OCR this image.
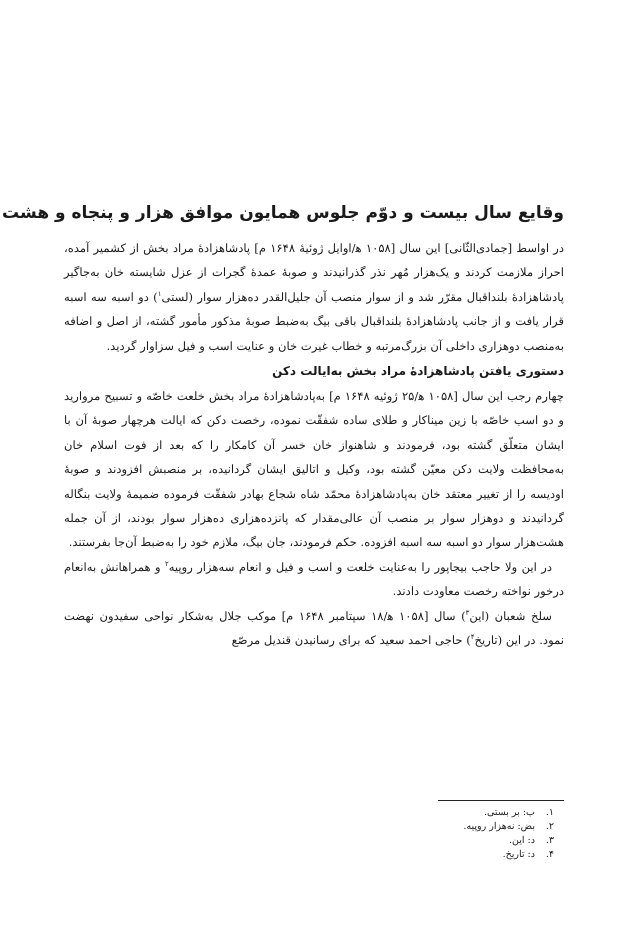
وقایع سال بیست و دوّم جلوس همایون موافق هزار و پنجاه و هشت

در اواسط [جمادی‌الثّانی] این سال [۱۰۵۸ ه‍/اوایل ژوئیۀ ۱۶۴۸ م] پادشاهزادۀ مراد بخش از کشمیر آمده، احراز ملازمت کردند و یک‌هزار مُهر نذر گذرانیدند و صوبۀ عمدۀ گجرات از عزل شایسته خان به‌جاگیر پادشاهزادۀ بلنداقبال مقرّر شد و از سوار منصب آن جلیل‌القدر ده‌هزار سوار (لستی$^۱$) دو اسبه سه اسبه قرار یافت و از جانب پادشاهزادۀ بلنداقبال باقی بیگ به‌ضبط صوبۀ مذکور مأمور گشته، از اصل و اضافه به‌منصب دوهزاری داخلی آن بزرگ‌مرتبه و خطاب غیرت خان و عنایت اسب و فیل سزاوار گردید.

دستوری یافتن پادشاهزادۀ مراد بخش به‌ایالت دکن

چهارم رجب این سال [۱۰۵۸ ه‍/۲۵ ژوئیه ۱۶۴۸ م] به‌پادشاهزادۀ مراد بخش خلعت خاصّه و تسبیح مروارید و دو اسب خاصّه با زین میناکار و طلای ساده شفقّت نموده، رخصت دکن که ایالت هرچهار صوبۀ آن با ایشان متعلّق گشته بود، فرمودند و شاهنواز خان خسر آن کامکار را که بعد از فوت اسلام خان به‌محافظت ولایت دکن معیّن گشته بود، وکیل و اتالیق ایشان گردانیده، بر منصبش افزودند و صوبۀ اودیسه را از تغییر معتقد خان به‌پادشاهزادۀ محمّد شاه شجاع بهادر شفقّت فرموده ضمیمۀ ولایت بنگاله گردانیدند و دوهزار سوار بر منصب آن عالی‌مقدار که پانزده‌هزاری ده‌هزار سوار بودند، از آن جمله هشت‌هزار سوار دو اسبه سه اسبه افزوده. حکم فرمودند، جان بیگ، ملازم خود را به‌ضبط آن‌جا بفرستند.

در این ولا حاجب بیجاپور را به‌عنایت خلعت و اسب و فیل و انعام سه‌هزار روپیه$^۲$ و همراهانش به‌انعام درخور نواخته رخصت معاودت دادند.

سلخ شعبان (این$^۳$) سال [۱۰۵۸ ه‍/۱۸ سپتامبر ۱۶۴۸ م] موکب جلال به‌شکار نواحی سفیدون نهضت نمود. در این (تاریخ$^۴$) حاجی احمد سعید که برای رسانیدن قندیل مرصّع

۱. ب: بر بستی.
۲. بض: نه‌هزار روپیه.
۳. د: این.
۴. د: تاریخ.
